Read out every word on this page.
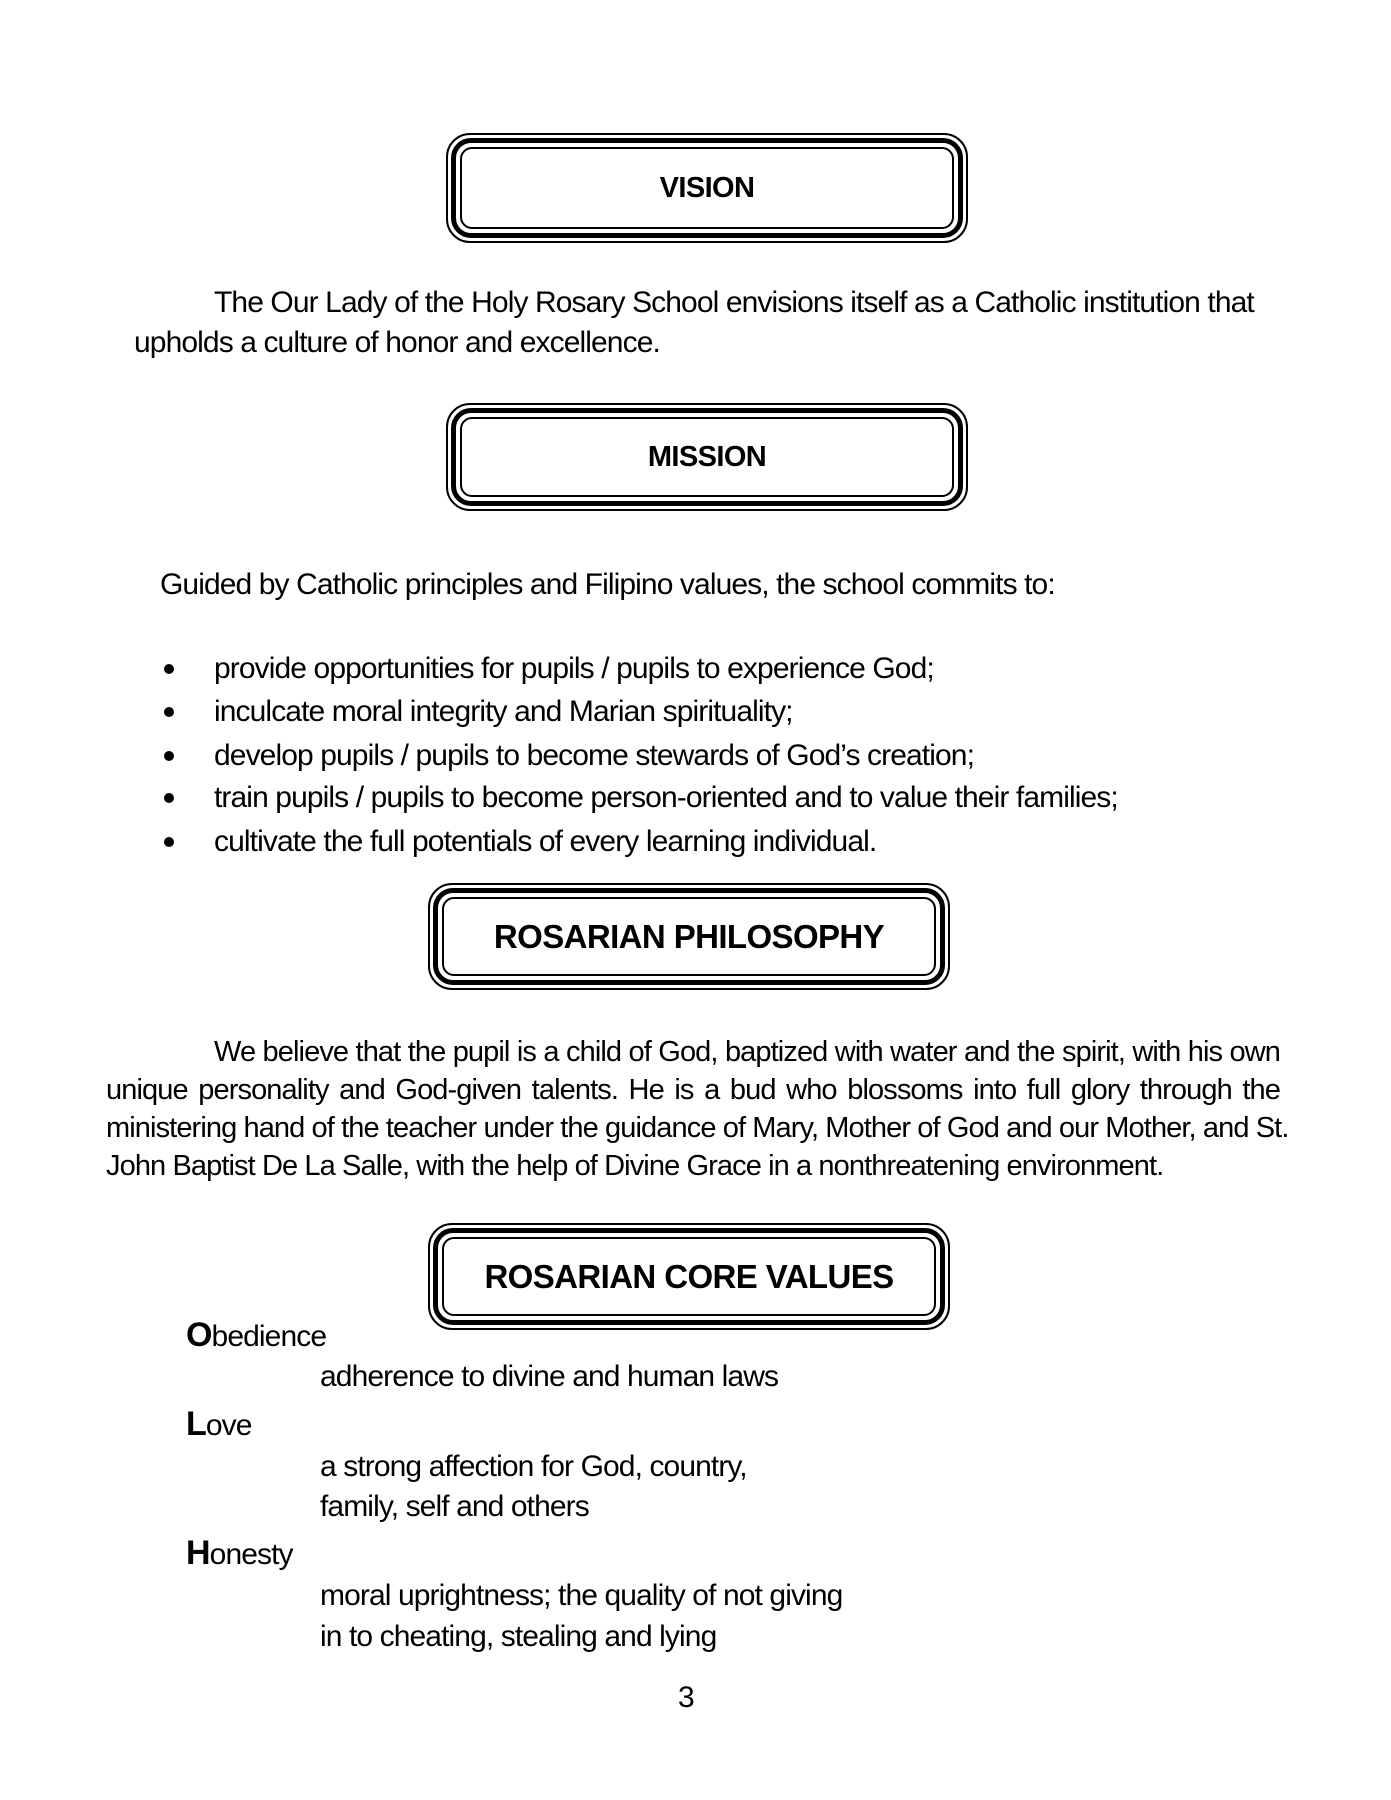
VISION
The Our Lady of the Holy Rosary School envisions itself as a Catholic institution that
upholds a culture of honor and excellence.
MISSION
Guided by Catholic principles and Filipino values, the school commits to:
provide opportunities for pupils / pupils to experience God;
inculcate moral integrity and Marian spirituality;
develop pupils / pupils to become stewards of God’s creation;
train pupils / pupils to become person-oriented and to value their families;
cultivate the full potentials of every learning individual.
ROSARIAN PHILOSOPHY
We believe that the pupil is a child of God, baptized with water and the spirit, with his own
unique personality and God-given talents. He is a bud who blossoms into full glory through the
ministering hand of the teacher under the guidance of Mary, Mother of God and our Mother, and St.
John Baptist De La Salle, with the help of Divine Grace in a nonthreatening environment.
ROSARIAN CORE VALUES
Obedience
adherence to divine and human laws
Love
a strong affection for God, country,
family, self and others
Honesty
moral uprightness; the quality of not giving
in to cheating, stealing and lying
3
